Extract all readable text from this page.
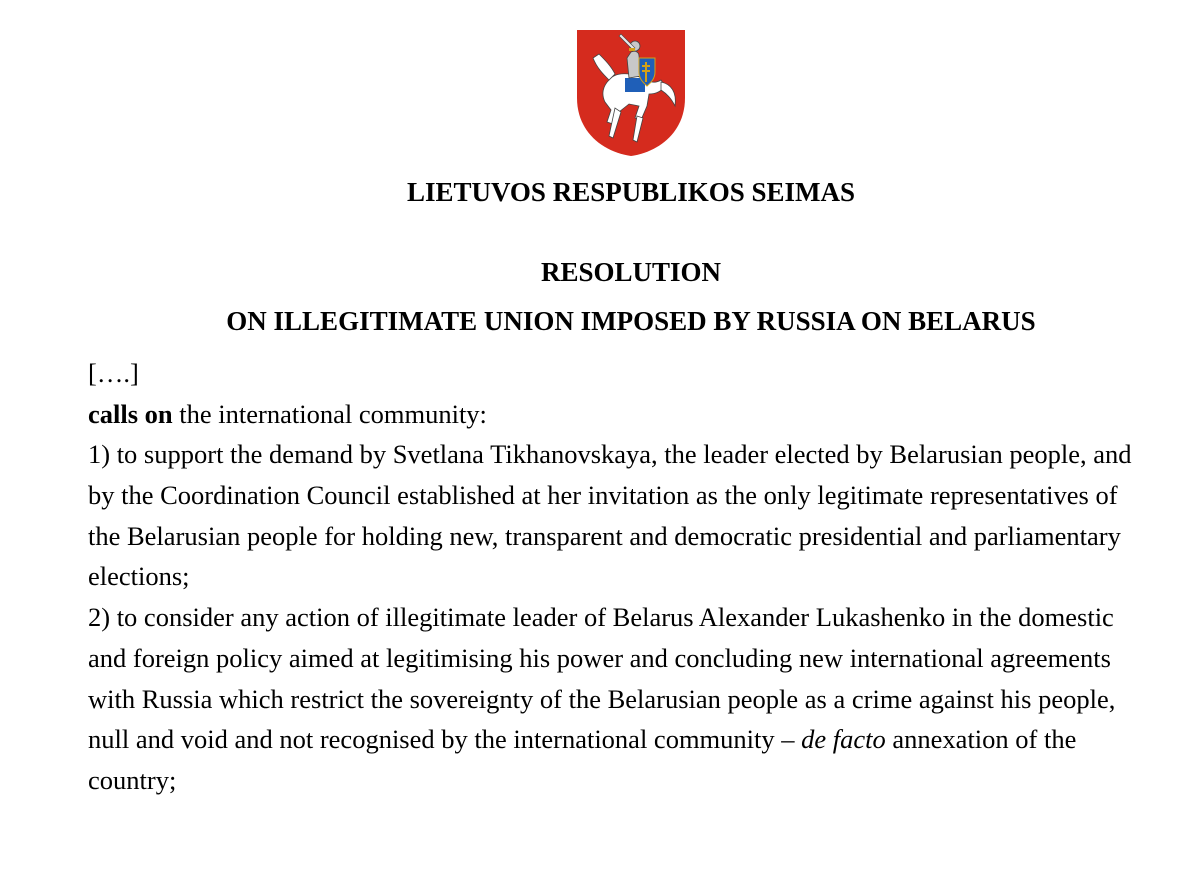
LIETUVOS RESPUBLIKOS SEIMAS
RESOLUTION
ON ILLEGITIMATE UNION IMPOSED BY RUSSIA ON BELARUS
[….]
calls on the international community:
1) to support the demand by Svetlana Tikhanovskaya, the leader elected by Belarusian people, and
by the Coordination Council established at her invitation as the only legitimate representatives of
the Belarusian people for holding new, transparent and democratic presidential and parliamentary
elections;
2) to consider any action of illegitimate leader of Belarus Alexander Lukashenko in the domestic
and foreign policy aimed at legitimising his power and concluding new international agreements
with Russia which restrict the sovereignty of the Belarusian people as a crime against his people,
null and void and not recognised by the international community – de facto annexation of the
country;
